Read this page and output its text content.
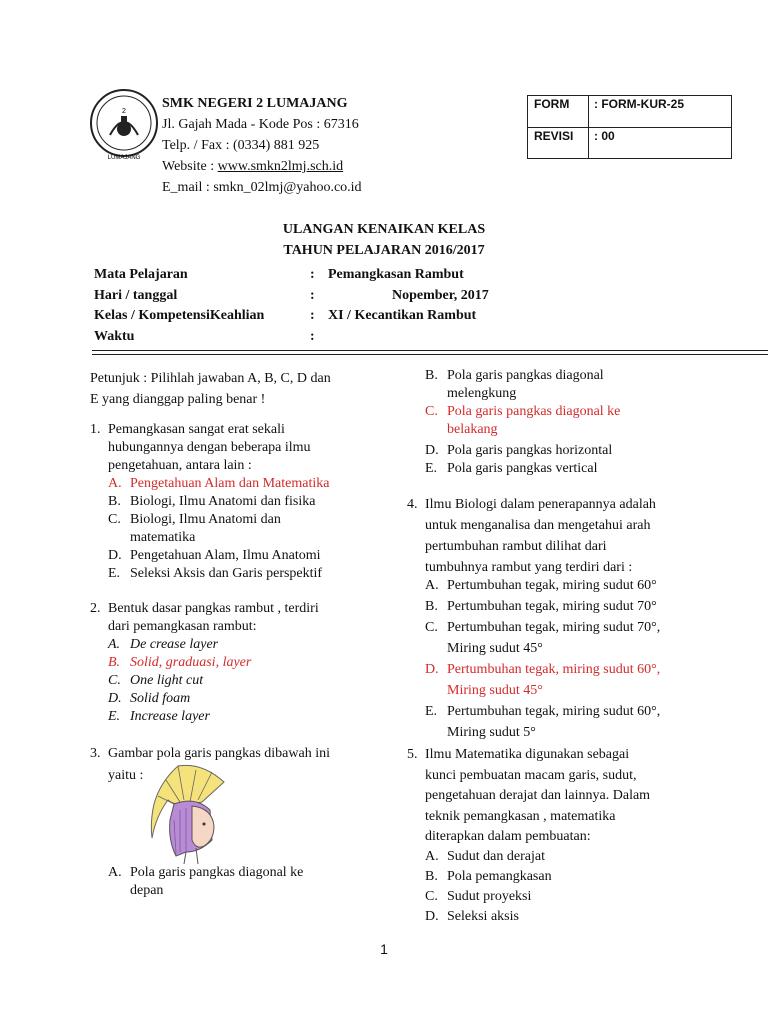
2
LUMAJANG
SMK NEGERI 2 LUMAJANG
Jl. Gajah Mada - Kode Pos : 67316
Telp. / Fax : (0334) 881 925
Website : www.smkn2lmj.sch.id
E_mail : smkn_02lmj@yahoo.co.id
FORM : FORM-KUR-25
REVISI : 00
ULANGAN KENAIKAN KELAS
TAHUN PELAJARAN 2016/2017
Mata Pelajaran	: Pemangkasan Rambut
Hari / tanggal	:	Nopember, 2017
Kelas / KompetensiKeahlian	: XI / Kecantikan Rambut
Waktu	:
Petunjuk : Pilihlah jawaban A, B, C, D dan
E yang dianggap paling benar !
1. Pemangkasan sangat erat sekali
hubungannya dengan beberapa ilmu
pengetahuan, antara lain :
A. Pengetahuan Alam dan Matematika
B. Biologi, Ilmu Anatomi dan fisika
C. Biologi, Ilmu Anatomi dan
matematika
D. Pengetahuan Alam, Ilmu Anatomi
E. Seleksi Aksis dan Garis perspektif
2. Bentuk dasar pangkas rambut , terdiri
dari pemangkasan rambut:
A. De crease layer
B. Solid, graduasi, layer
C. One light cut
D. Solid foam
E. Increase layer
3. Gambar pola garis pangkas dibawah ini
yaitu :
A. Pola garis pangkas diagonal ke
depan
B. Pola garis pangkas diagonal
melengkung
C. Pola garis pangkas diagonal ke
belakang
D. Pola garis pangkas horizontal
E. Pola garis pangkas vertical
4. Ilmu Biologi dalam penerapannya adalah
untuk menganalisa dan mengetahui arah
pertumbuhan rambut dilihat dari
tumbuhnya rambut yang terdiri dari :
A. Pertumbuhan tegak, miring sudut 60°
B. Pertumbuhan tegak, miring sudut 70°
C. Pertumbuhan tegak, miring sudut 70°,
Miring sudut 45°
D. Pertumbuhan tegak, miring sudut 60°,
Miring sudut 45°
E. Pertumbuhan tegak, miring sudut 60°,
Miring sudut 5°
5. Ilmu Matematika digunakan sebagai
kunci pembuatan macam garis, sudut,
pengetahuan derajat dan lainnya. Dalam
teknik pemangkasan , matematika
diterapkan dalam pembuatan:
A. Sudut dan derajat
B. Pola pemangkasan
C. Sudut proyeksi
D. Seleksi aksis
1
